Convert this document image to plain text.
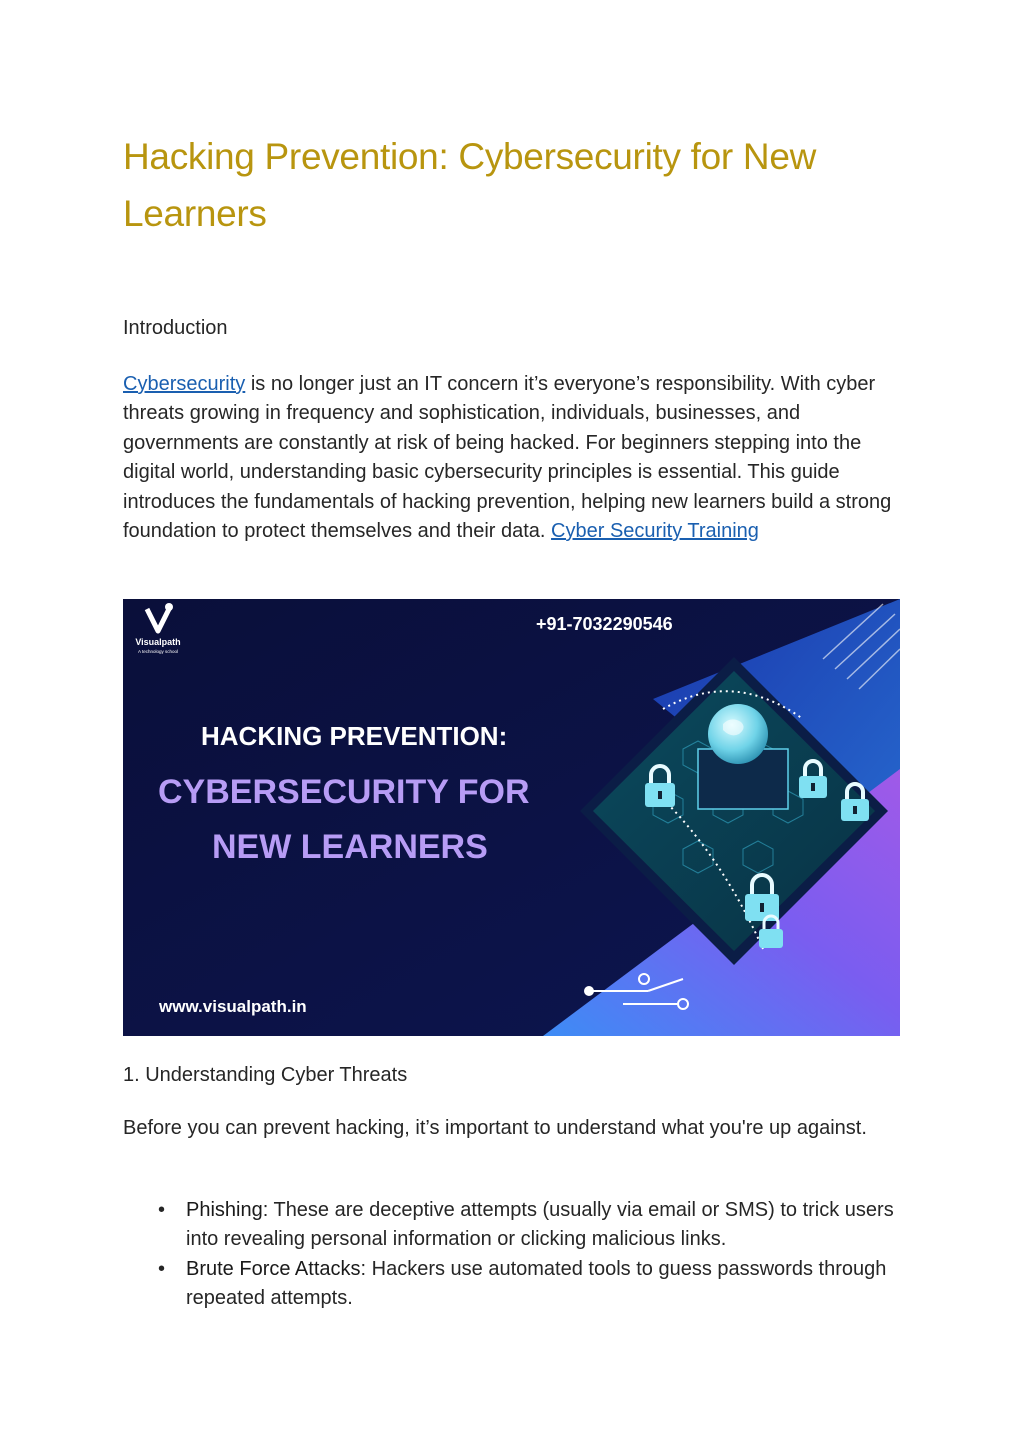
Hacking Prevention: Cybersecurity for New Learners
Introduction

Cybersecurity is no longer just an IT concern it’s everyone’s responsibility. With cyber threats growing in frequency and sophistication, individuals, businesses, and governments are constantly at risk of being hacked. For beginners stepping into the digital world, understanding basic cybersecurity principles is essential. This guide introduces the fundamentals of hacking prevention, helping new learners build a strong foundation to protect themselves and their data. Cyber Security Training

Visualpath
A technology school
+91-7032290546
HACKING PREVENTION:
CYBERSECURITY FOR
NEW LEARNERS
www.visualpath.in
1. Understanding Cyber Threats

Before you can prevent hacking, it’s important to understand what you're up against.

• Phishing: These are deceptive attempts (usually via email or SMS) to trick users into revealing personal information or clicking malicious links.
• Brute Force Attacks: Hackers use automated tools to guess passwords through repeated attempts.
